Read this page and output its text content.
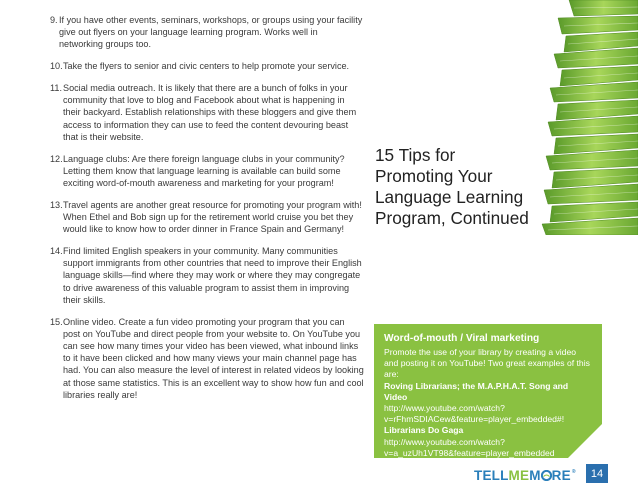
9. If you have other events, seminars, workshops, or groups using your facility give out flyers on your language learning program. Works well in networking groups too.
10. Take the flyers to senior and civic centers to help promote your service.
11. Social media outreach. It is likely that there are a bunch of folks in your community that love to blog and Facebook about what is happening in their backyard. Establish relationships with these bloggers and give them access to information they can use to feed the content devouring beast that is their website.
12. Language clubs: Are there foreign language clubs in your community? Letting them know that language learning is available can build some exciting word-of-mouth awareness and marketing for your program!
13. Travel agents are another great resource for promoting your program with! When Ethel and Bob sign up for the retirement world cruise you bet they would like to know how to order dinner in France Spain and Germany!
14. Find limited English speakers in your community. Many communities support immigrants from other countries that need to improve their English language skills—find where they may work or where they may congregate to drive awareness of this valuable program to assist them in improving their skills.
15. Online video. Create a fun video promoting your program that you can post on YouTube and direct people from your website to. On YouTube you can see how many times your video has been viewed, what inbound links to it have been clicked and how many views your main channel page has had. You can also measure the level of interest in related videos by looking at those same statistics. This is an excellent way to show how fun and cool libraries really are!
15 Tips for
Promoting Your
Language Learning
Program, Continued
Word-of-mouth / Viral marketing
Promote the use of your library by creating a video and posting it on YouTube! Two great examples of this are:
Roving Librarians; the M.A.P.H.A.T. Song and Video
http://www.youtube.com/watch?v=rFhmSDIACew&feature=player_embedded#!
Librarians Do Gaga
http://www.youtube.com/watch?v=a_uzUh1VT98&feature=player_embedded
TELL ME M RE ®	14
